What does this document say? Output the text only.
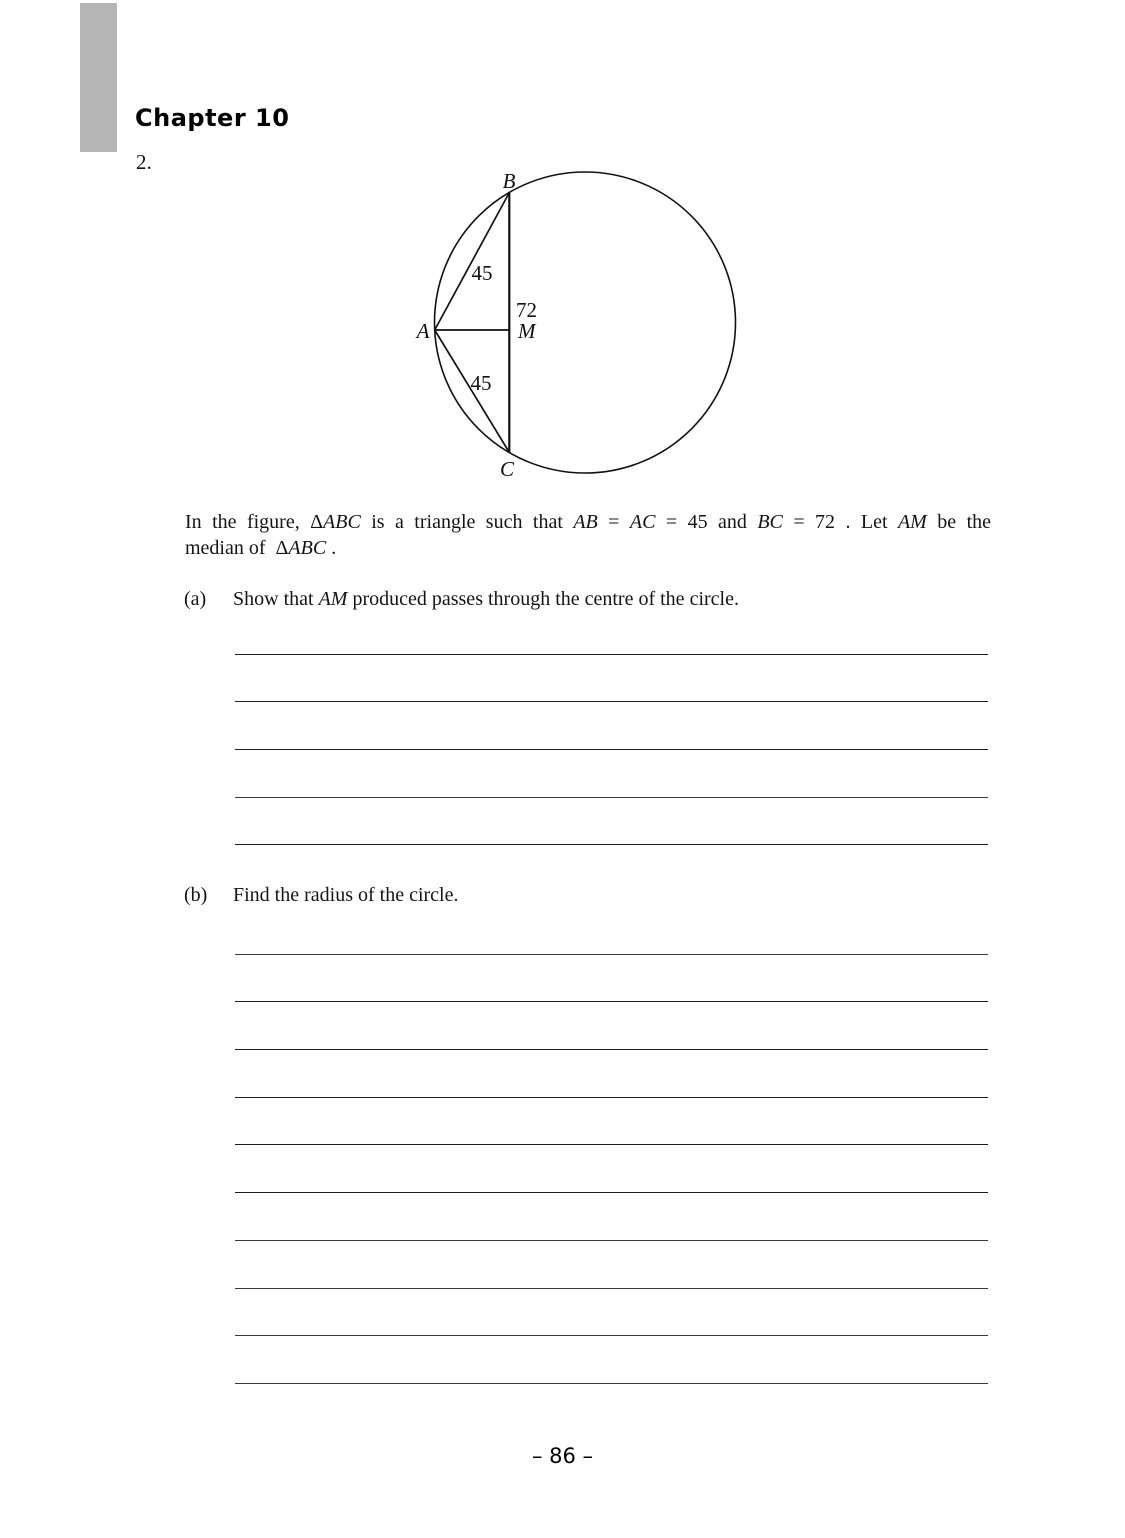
Chapter 10
2.
B
A
C
M
72
45
45
In the figure, ΔABC is a triangle such that AB = AC = 45 and BC = 72 . Let AM be the
median of  ΔABC .
(a) Show that AM produced passes through the centre of the circle.
(b) Find the radius of the circle.
– 86 –
